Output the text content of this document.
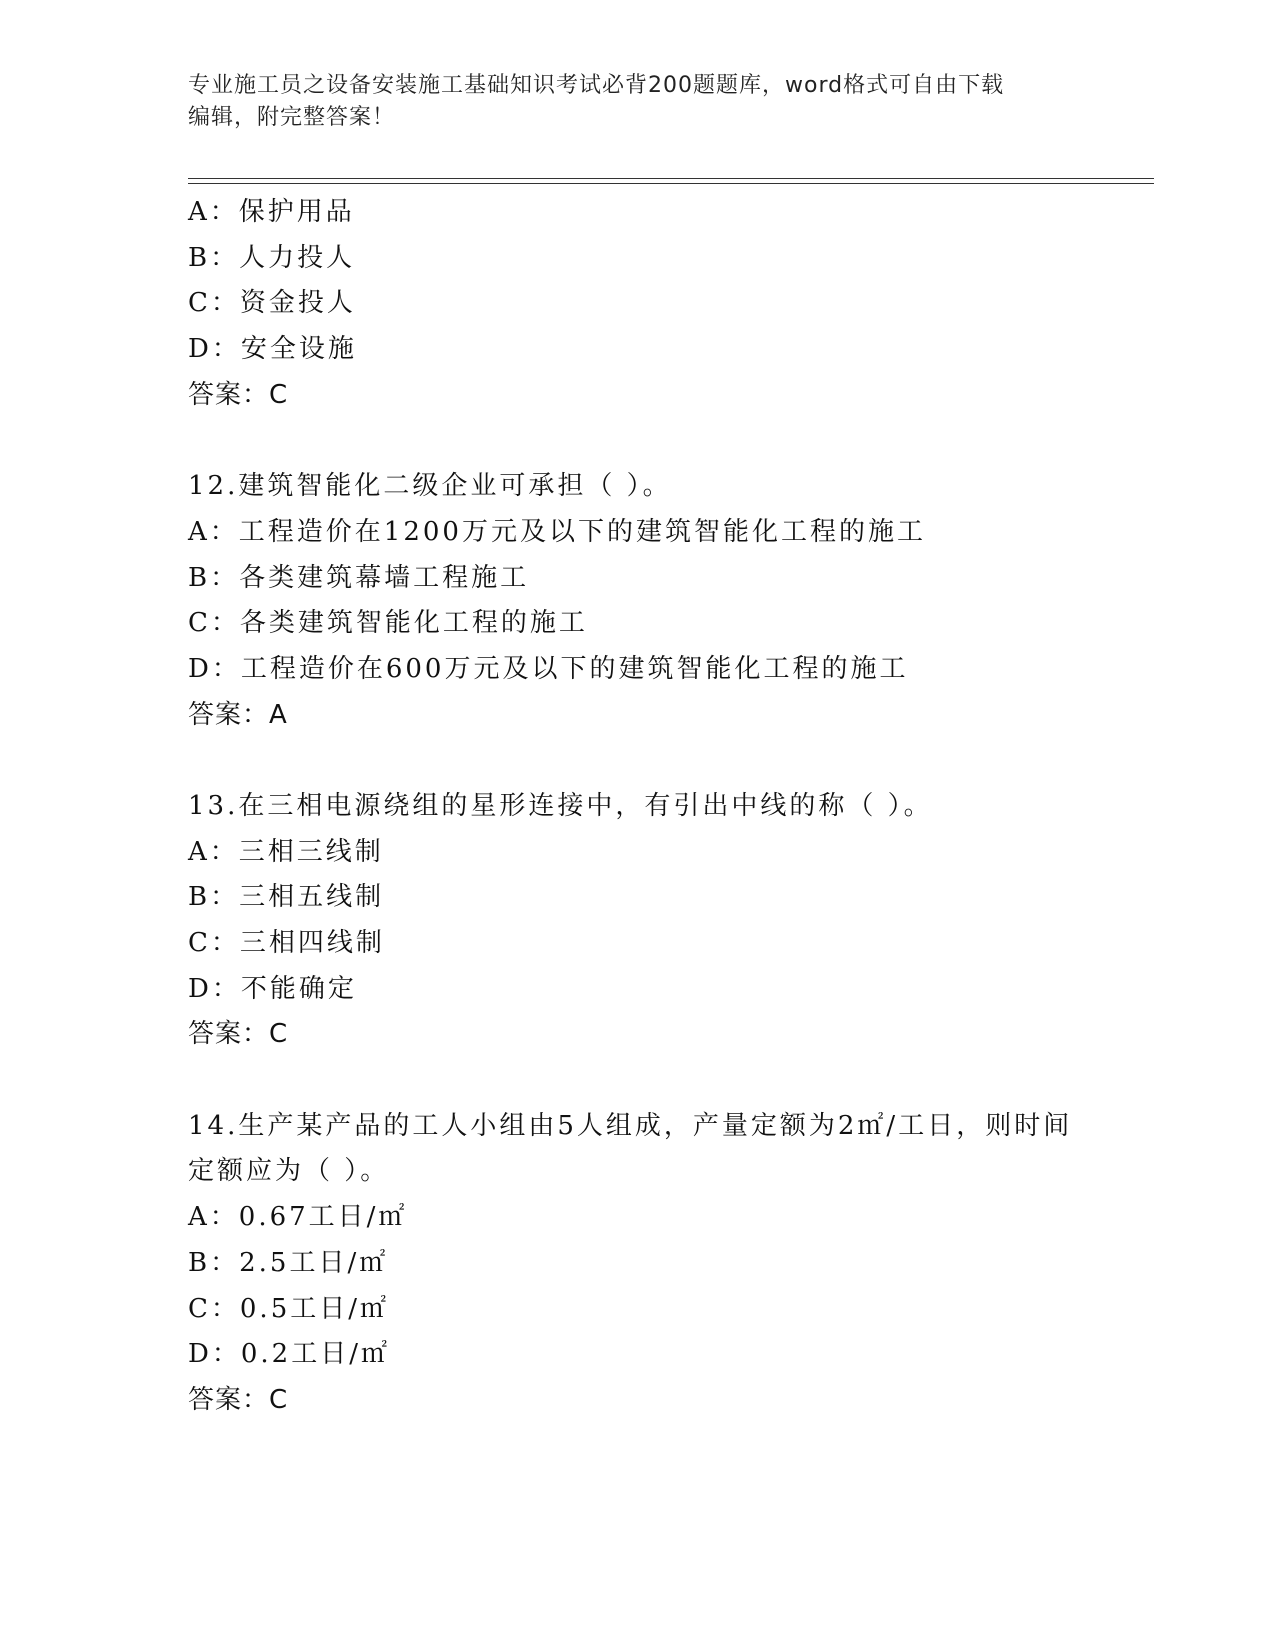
专业施工员之设备安装施工基础知识考试必背200题题库，word格式可自由下载
编辑，附完整答案！
A：保护用品
B：人力投人
C：资金投人
D：安全设施
答案：C
12.建筑智能化二级企业可承担（ ）。
A：工程造价在1200万元及以下的建筑智能化工程的施工
B：各类建筑幕墙工程施工
C：各类建筑智能化工程的施工
D：工程造价在600万元及以下的建筑智能化工程的施工
答案：A
13.在三相电源绕组的星形连接中，有引出中线的称（ ）。
A：三相三线制
B：三相五线制
C：三相四线制
D：不能确定
答案：C
14.生产某产品的工人小组由5人组成，产量定额为2㎡/工日，则时间
定额应为（ ）。
A：0.67工日/㎡
B：2.5工日/㎡
C：0.5工日/㎡
D：0.2工日/㎡
答案：C
